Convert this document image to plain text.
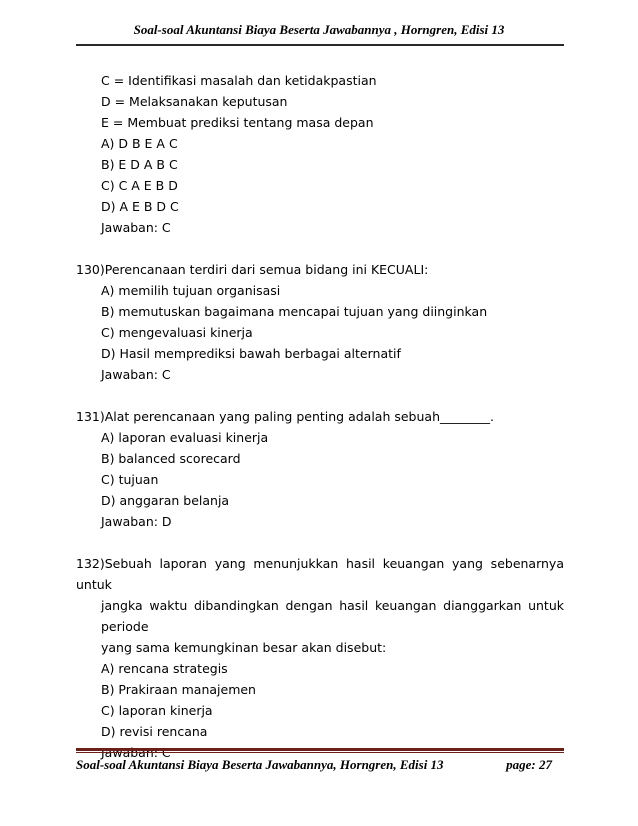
Soal-soal Akuntansi Biaya Beserta Jawabannya , Horngren, Edisi 13
C = Identifikasi masalah dan ketidakpastian
D = Melaksanakan keputusan
E = Membuat prediksi tentang masa depan
A) D B E A C
B) E D A B C
C) C A E B D
D) A E B D C
Jawaban: C
130)Perencanaan terdiri dari semua bidang ini KECUALI:
A) memilih tujuan organisasi
B) memutuskan bagaimana mencapai tujuan yang diinginkan
C) mengevaluasi kinerja
D) Hasil memprediksi bawah berbagai alternatif
Jawaban: C
131)Alat perencanaan yang paling penting adalah sebuah________.
A) laporan evaluasi kinerja
B) balanced scorecard
C) tujuan
D) anggaran belanja
Jawaban: D
132)Sebuah laporan yang menunjukkan hasil keuangan yang sebenarnya untuk
jangka waktu dibandingkan dengan hasil keuangan dianggarkan untuk periode
yang sama kemungkinan besar akan disebut:
A) rencana strategis
B) Prakiraan manajemen
C) laporan kinerja
D) revisi rencana
Jawaban: C
Soal-soal Akuntansi Biaya Beserta Jawabannya, Horngren, Edisi 13	page: 27
